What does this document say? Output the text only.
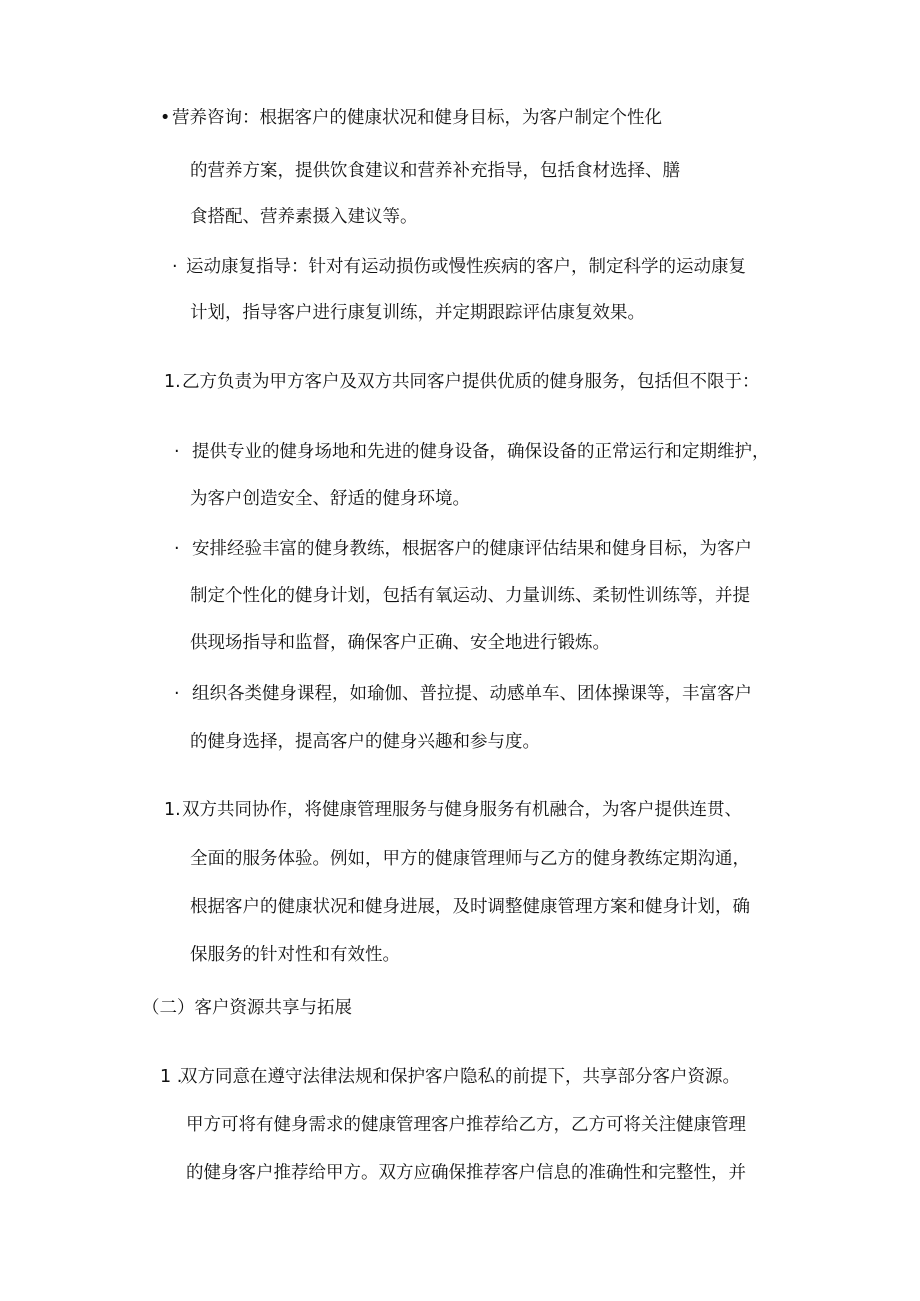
• 营养咨询：根据客户的健康状况和健身目标，为客户制定个性化
的营养方案，提供饮食建议和营养补充指导，包括食材选择、膳
食搭配、营养素摄入建议等。
· 运动康复指导：针对有运动损伤或慢性疾病的客户，制定科学的运动康复
计划，指导客户进行康复训练，并定期跟踪评估康复效果。
1. 乙方负责为甲方客户及双方共同客户提供优质的健身服务，包括但不限于：
· 提供专业的健身场地和先进的健身设备，确保设备的正常运行和定期维护，
为客户创造安全、舒适的健身环境。
· 安排经验丰富的健身教练，根据客户的健康评估结果和健身目标，为客户
制定个性化的健身计划，包括有氧运动、力量训练、柔韧性训练等，并提
供现场指导和监督，确保客户正确、安全地进行锻炼。
· 组织各类健身课程，如瑜伽、普拉提、动感单车、团体操课等，丰富客户
的健身选择，提高客户的健身兴趣和参与度。
1. 双方共同协作，将健康管理服务与健身服务有机融合，为客户提供连贯、
全面的服务体验。例如，甲方的健康管理师与乙方的健身教练定期沟通，
根据客户的健康状况和健身进展，及时调整健康管理方案和健身计划，确
保服务的针对性和有效性。
（二）客户资源共享与拓展
1 .
双方同意在遵守法律法规和保护客户隐私的前提下，共享部分客户资源。
甲方可将有健身需求的健康管理客户推荐给乙方，乙方可将关注健康管理
的健身客户推荐给甲方。双方应确保推荐客户信息的准确性和完整性，并
